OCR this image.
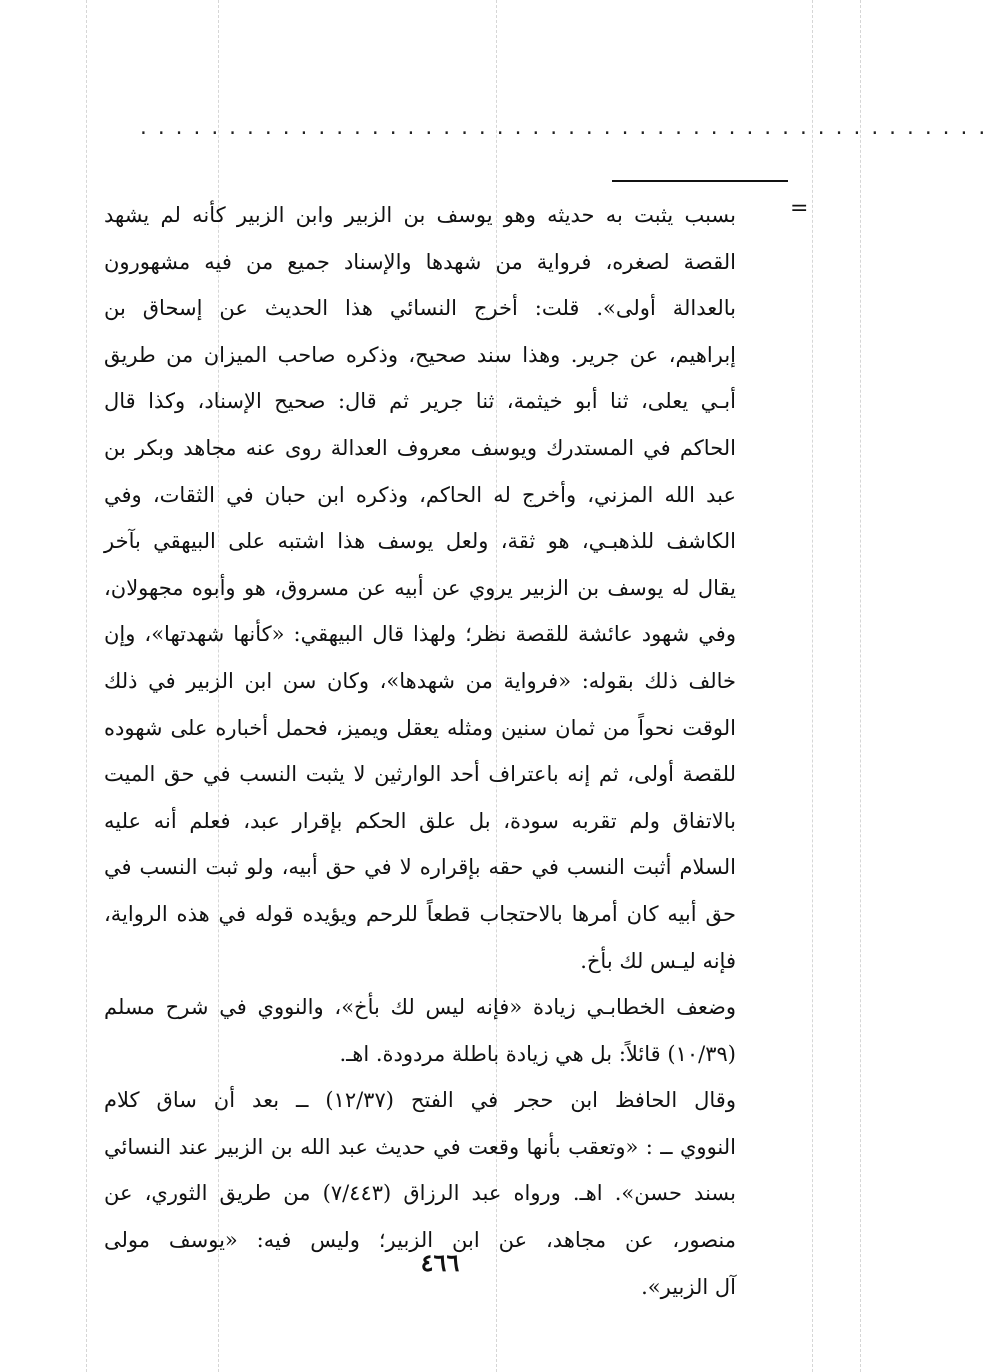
................................................
=
بسبب يثبت به حديثه وهو يوسف بن الزبير وابن الزبير كأنه لم يشهد
القصة لصغره، فرواية من شهدها والإسناد جميع من فيه مشهورون
بالعدالة أولى». قلت: أخرج النسائي هذا الحديث عن إسحاق بن
إبراهيم، عن جرير. وهذا سند صحيح، وذكره صاحب الميزان من طريق
أبـي يعلى، ثنا أبو خيثمة، ثنا جرير ثم قال: صحيح الإسناد، وكذا قال
الحاكم في المستدرك ويوسف معروف العدالة روى عنه مجاهد وبكر بن
عبد الله المزني، وأخرج له الحاكم، وذكره ابن حبان في الثقات، وفي
الكاشف للذهبـي، هو ثقة، ولعل يوسف هذا اشتبه على البيهقي بآخر
يقال له يوسف بن الزبير يروي عن أبيه عن مسروق، هو وأبوه مجهولان،
وفي شهود عائشة للقصة نظر؛ ولهذا قال البيهقي: «كأنها شهدتها»، وإن
خالف ذلك بقوله: «فرواية من شهدها»، وكان سن ابن الزبير في ذلك
الوقت نحواً من ثمان سنين ومثله يعقل ويميز، فحمل أخباره على شهوده
للقصة أولى، ثم إنه باعتراف أحد الوارثين لا يثبت النسب في حق الميت
بالاتفاق ولم تقربه سودة، بل علق الحكم بإقرار عبد، فعلم أنه عليه
السلام أثبت النسب في حقه بإقراره لا في حق أبيه، ولو ثبت النسب في
حق أبيه كان أمرها بالاحتجاب قطعاً للرحم ويؤيده قوله في هذه الرواية،
فإنه ليـس لك بأخ.
وضعف الخطابـي زيادة «فإنه ليس لك بأخ»، والنووي في شرح مسلم
(١٠/٣٩) قائلاً: بل هي زيادة باطلة مردودة. اهـ.
وقال الحافظ ابن حجر في الفتح (١٢/٣٧) ــ بعد أن ساق كلام
النووي ــ : «وتعقب بأنها وقعت في حديث عبد الله بن الزبير عند النسائي
بسند حسن». اهـ. ورواه عبد الرزاق (٧/٤٤٣) من طريق الثوري، عن
منصور، عن مجاهد، عن ابن الزبير؛ وليس فيه: «يوسف مولى
آل الزبير».
٤٦٦
